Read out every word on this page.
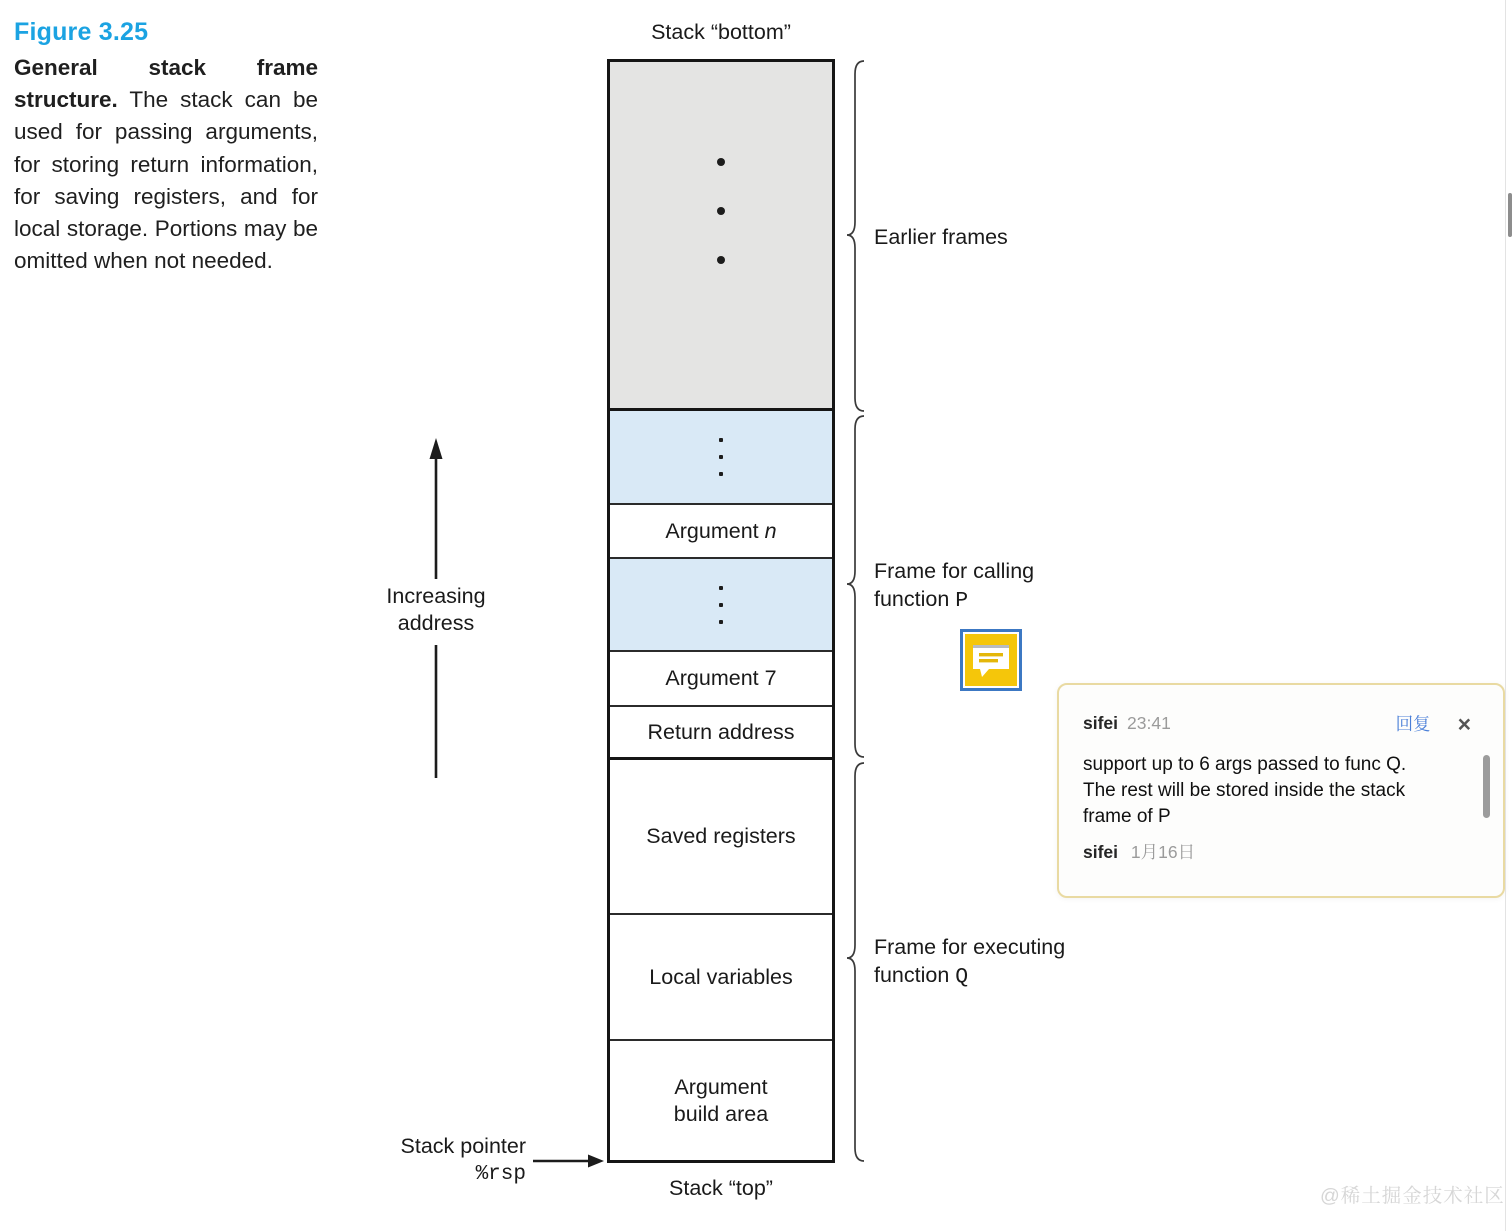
Figure 3.25
General stack frame structure. The stack can be used for passing arguments, for storing return information, for saving registers, and for local storage. Portions may be omitted when not needed.
Stack “bottom”
Stack “top”
Argument n
Argument 7
Return address
Saved registers
Local variables
Argument
build area
Earlier frames
Frame for calling
function P
Frame for executing
function Q
Increasing
address
Stack pointer
%rsp
sifei 23:41	回复 ×
support up to 6 args passed to func Q. The rest will be stored inside the stack frame of P
sifei 1月16日
@稀土掘金技术社区
